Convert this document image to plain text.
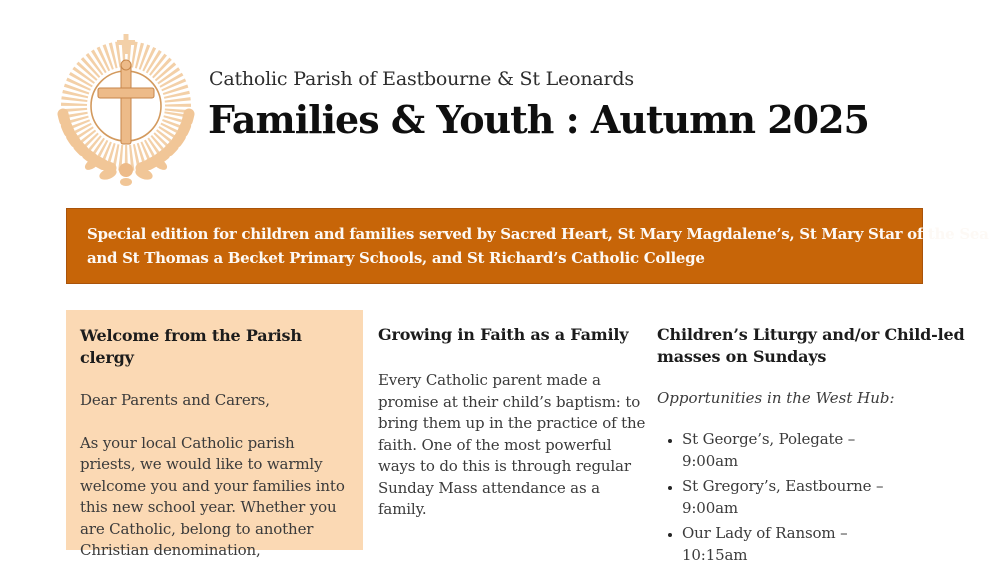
Catholic Parish of Eastbourne & St Leonards
Families & Youth : Autumn 2025
Special edition for children and families served by Sacred Heart, St Mary Magdalene’s, St Mary Star of the Sea
and St Thomas a Becket Primary Schools, and St Richard’s Catholic College
Welcome from the Parish clergy

Dear Parents and Carers,

As your local Catholic parish priests, we would like to warmly welcome you and your families into this new school year. Whether you are Catholic, belong to another Christian denomination,

Growing in Faith as a Family

Every Catholic parent made a promise at their child’s baptism: to bring them up in the practice of the faith. One of the most powerful ways to do this is through regular Sunday Mass attendance as a family.

Children’s Liturgy and/or Child-led
masses on Sundays

Opportunities in the West Hub:

• St George’s, Polegate – 9:00am
• St Gregory’s, Eastbourne – 9:00am
• Our Lady of Ransom –  10:15am
